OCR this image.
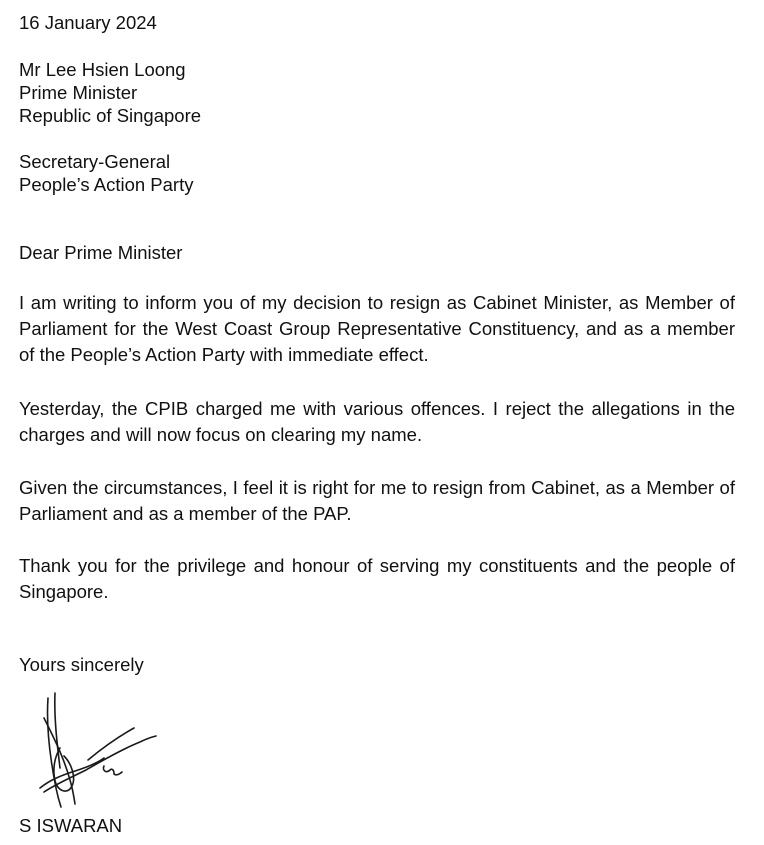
16 January 2024
Mr Lee Hsien Loong
Prime Minister
Republic of Singapore
Secretary-General
People’s Action Party
Dear Prime Minister
I am writing to inform you of my decision to resign as Cabinet Minister, as Member of Parliament for the West Coast Group Representative Constituency, and as a member of the People’s Action Party with immediate effect.
Yesterday, the CPIB charged me with various offences. I reject the allegations in the charges and will now focus on clearing my name.
Given the circumstances, I feel it is right for me to resign from Cabinet, as a Member of Parliament and as a member of the PAP.
Thank you for the privilege and honour of serving my constituents and the people of Singapore.
Yours sincerely
S ISWARAN
